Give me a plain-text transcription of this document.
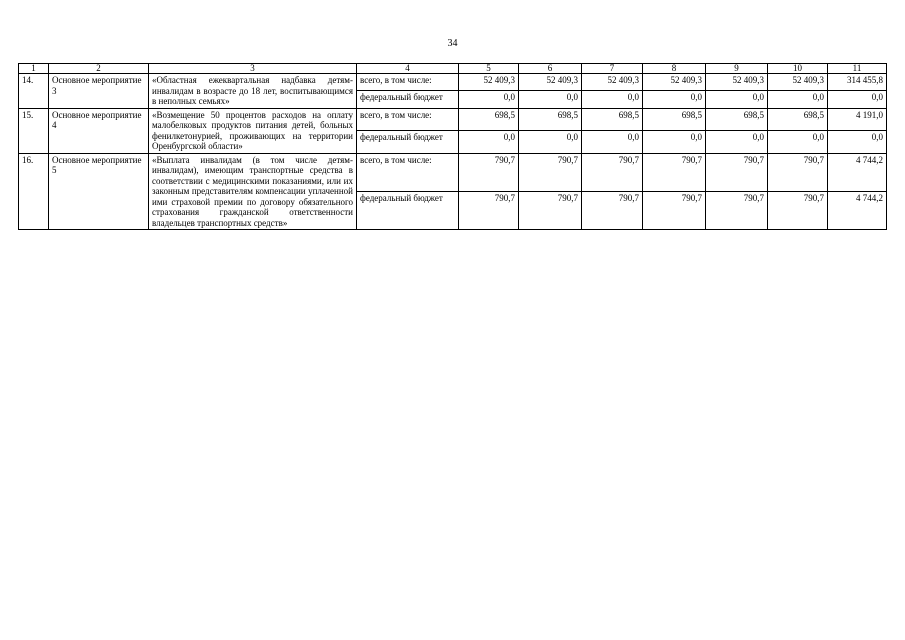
34
1	2	3	4	5	6	7	8	9	10	11
14.	Основное мероприятие 3	«Областная ежеквартальная надбавка детям-инвалидам в возрасте до 18 лет, воспитывающимся в неполных семьях»	всего, в том числе:	52 409,3	52 409,3	52 409,3	52 409,3	52 409,3	52 409,3	314 455,8
			федеральный бюджет	0,0	0,0	0,0	0,0	0,0	0,0	0,0
15.	Основное мероприятие 4	«Возмещение 50 процентов расходов на оплату малобелковых продуктов питания детей, больных фенилкетонурией, проживающих на территории Оренбургской области»	всего, в том числе:	698,5	698,5	698,5	698,5	698,5	698,5	4 191,0
			федеральный бюджет	0,0	0,0	0,0	0,0	0,0	0,0	0,0
16.	Основное мероприятие 5	«Выплата инвалидам (в том числе детям-инвалидам), имеющим транспортные средства в соответствии с медицинскими показаниями, или их законным представителям компенсации уплаченной ими страховой премии по договору обязательного страхования гражданской ответственности владельцев транспортных средств»	всего, в том числе:	790,7	790,7	790,7	790,7	790,7	790,7	4 744,2
			федеральный бюджет	790,7	790,7	790,7	790,7	790,7	790,7	4 744,2
